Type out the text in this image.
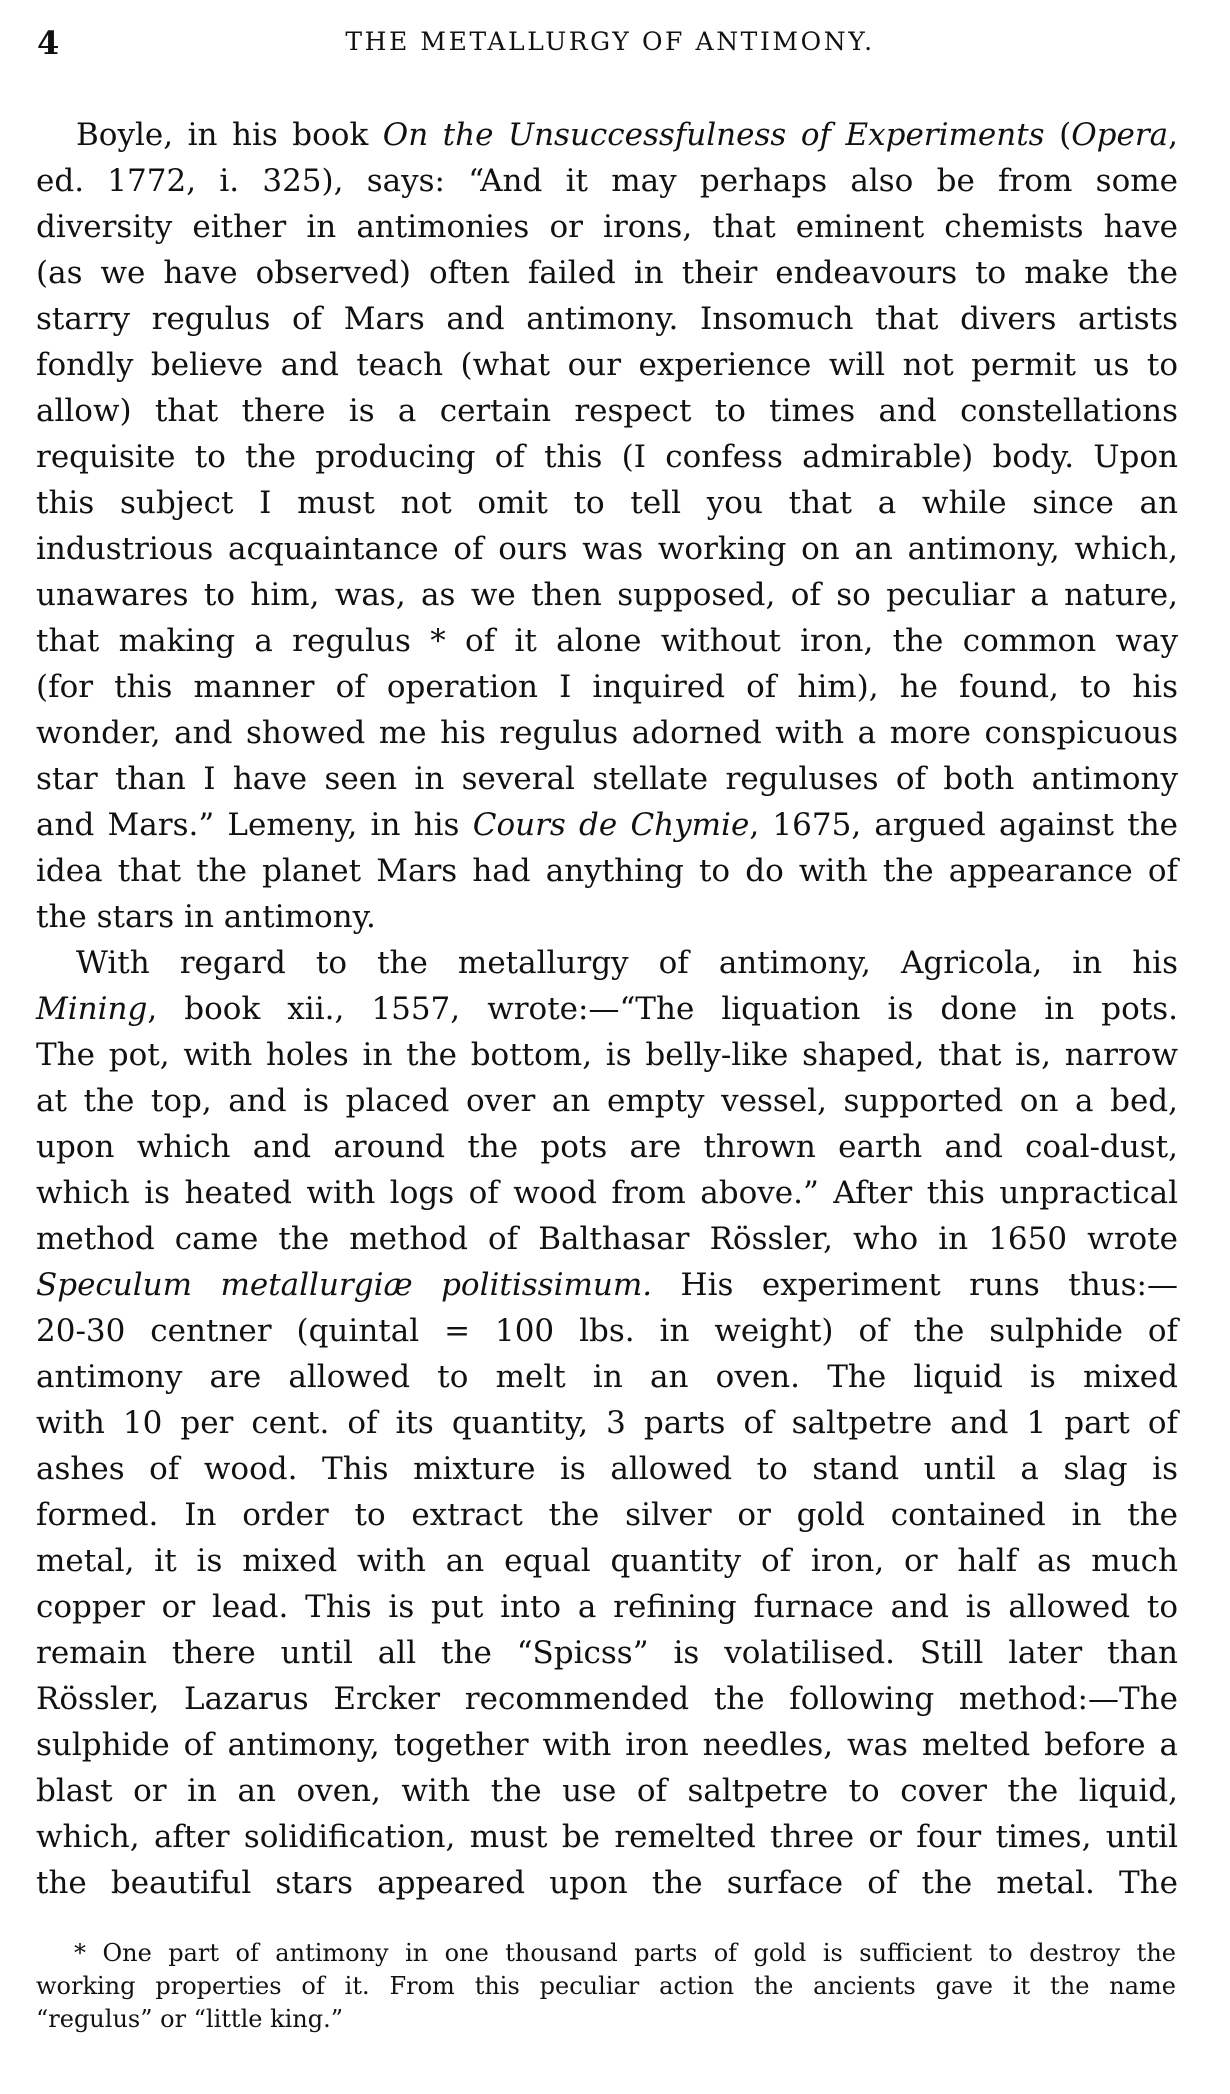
4	THE METALLURGY OF ANTIMONY.
Boyle, in his book On the Unsuccessfulness of Experiments (Opera,
ed. 1772, i. 325), says: “And it may perhaps also be from some
diversity either in antimonies or irons, that eminent chemists have
(as we have observed) often failed in their endeavours to make the
starry regulus of Mars and antimony. Insomuch that divers artists
fondly believe and teach (what our experience will not permit us to
allow) that there is a certain respect to times and constellations
requisite to the producing of this (I confess admirable) body. Upon
this subject I must not omit to tell you that a while since an
industrious acquaintance of ours was working on an antimony, which,
unawares to him, was, as we then supposed, of so peculiar a nature,
that making a regulus * of it alone without iron, the common way
(for this manner of operation I inquired of him), he found, to his
wonder, and showed me his regulus adorned with a more conspicuous
star than I have seen in several stellate reguluses of both antimony
and Mars.” Lemeny, in his Cours de Chymie, 1675, argued against the
idea that the planet Mars had anything to do with the appearance of
the stars in antimony.
With regard to the metallurgy of antimony, Agricola, in his
Mining, book xii., 1557, wrote:—“The liquation is done in pots.
The pot, with holes in the bottom, is belly-like shaped, that is, narrow
at the top, and is placed over an empty vessel, supported on a bed,
upon which and around the pots are thrown earth and coal-dust,
which is heated with logs of wood from above.” After this unpractical
method came the method of Balthasar Rössler, who in 1650 wrote
Speculum metallurgiæ politissimum. His experiment runs thus:—
20-30 centner (quintal = 100 lbs. in weight) of the sulphide of
antimony are allowed to melt in an oven. The liquid is mixed
with 10 per cent. of its quantity, 3 parts of saltpetre and 1 part of
ashes of wood. This mixture is allowed to stand until a slag is
formed. In order to extract the silver or gold contained in the
metal, it is mixed with an equal quantity of iron, or half as much
copper or lead. This is put into a refining furnace and is allowed to
remain there until all the “Spicss” is volatilised. Still later than
Rössler, Lazarus Ercker recommended the following method:—The
sulphide of antimony, together with iron needles, was melted before a
blast or in an oven, with the use of saltpetre to cover the liquid,
which, after solidification, must be remelted three or four times, until
the beautiful stars appeared upon the surface of the metal. The
* One part of antimony in one thousand parts of gold is sufficient to destroy the
working properties of it. From this peculiar action the ancients gave it the name
“regulus” or “little king.”
